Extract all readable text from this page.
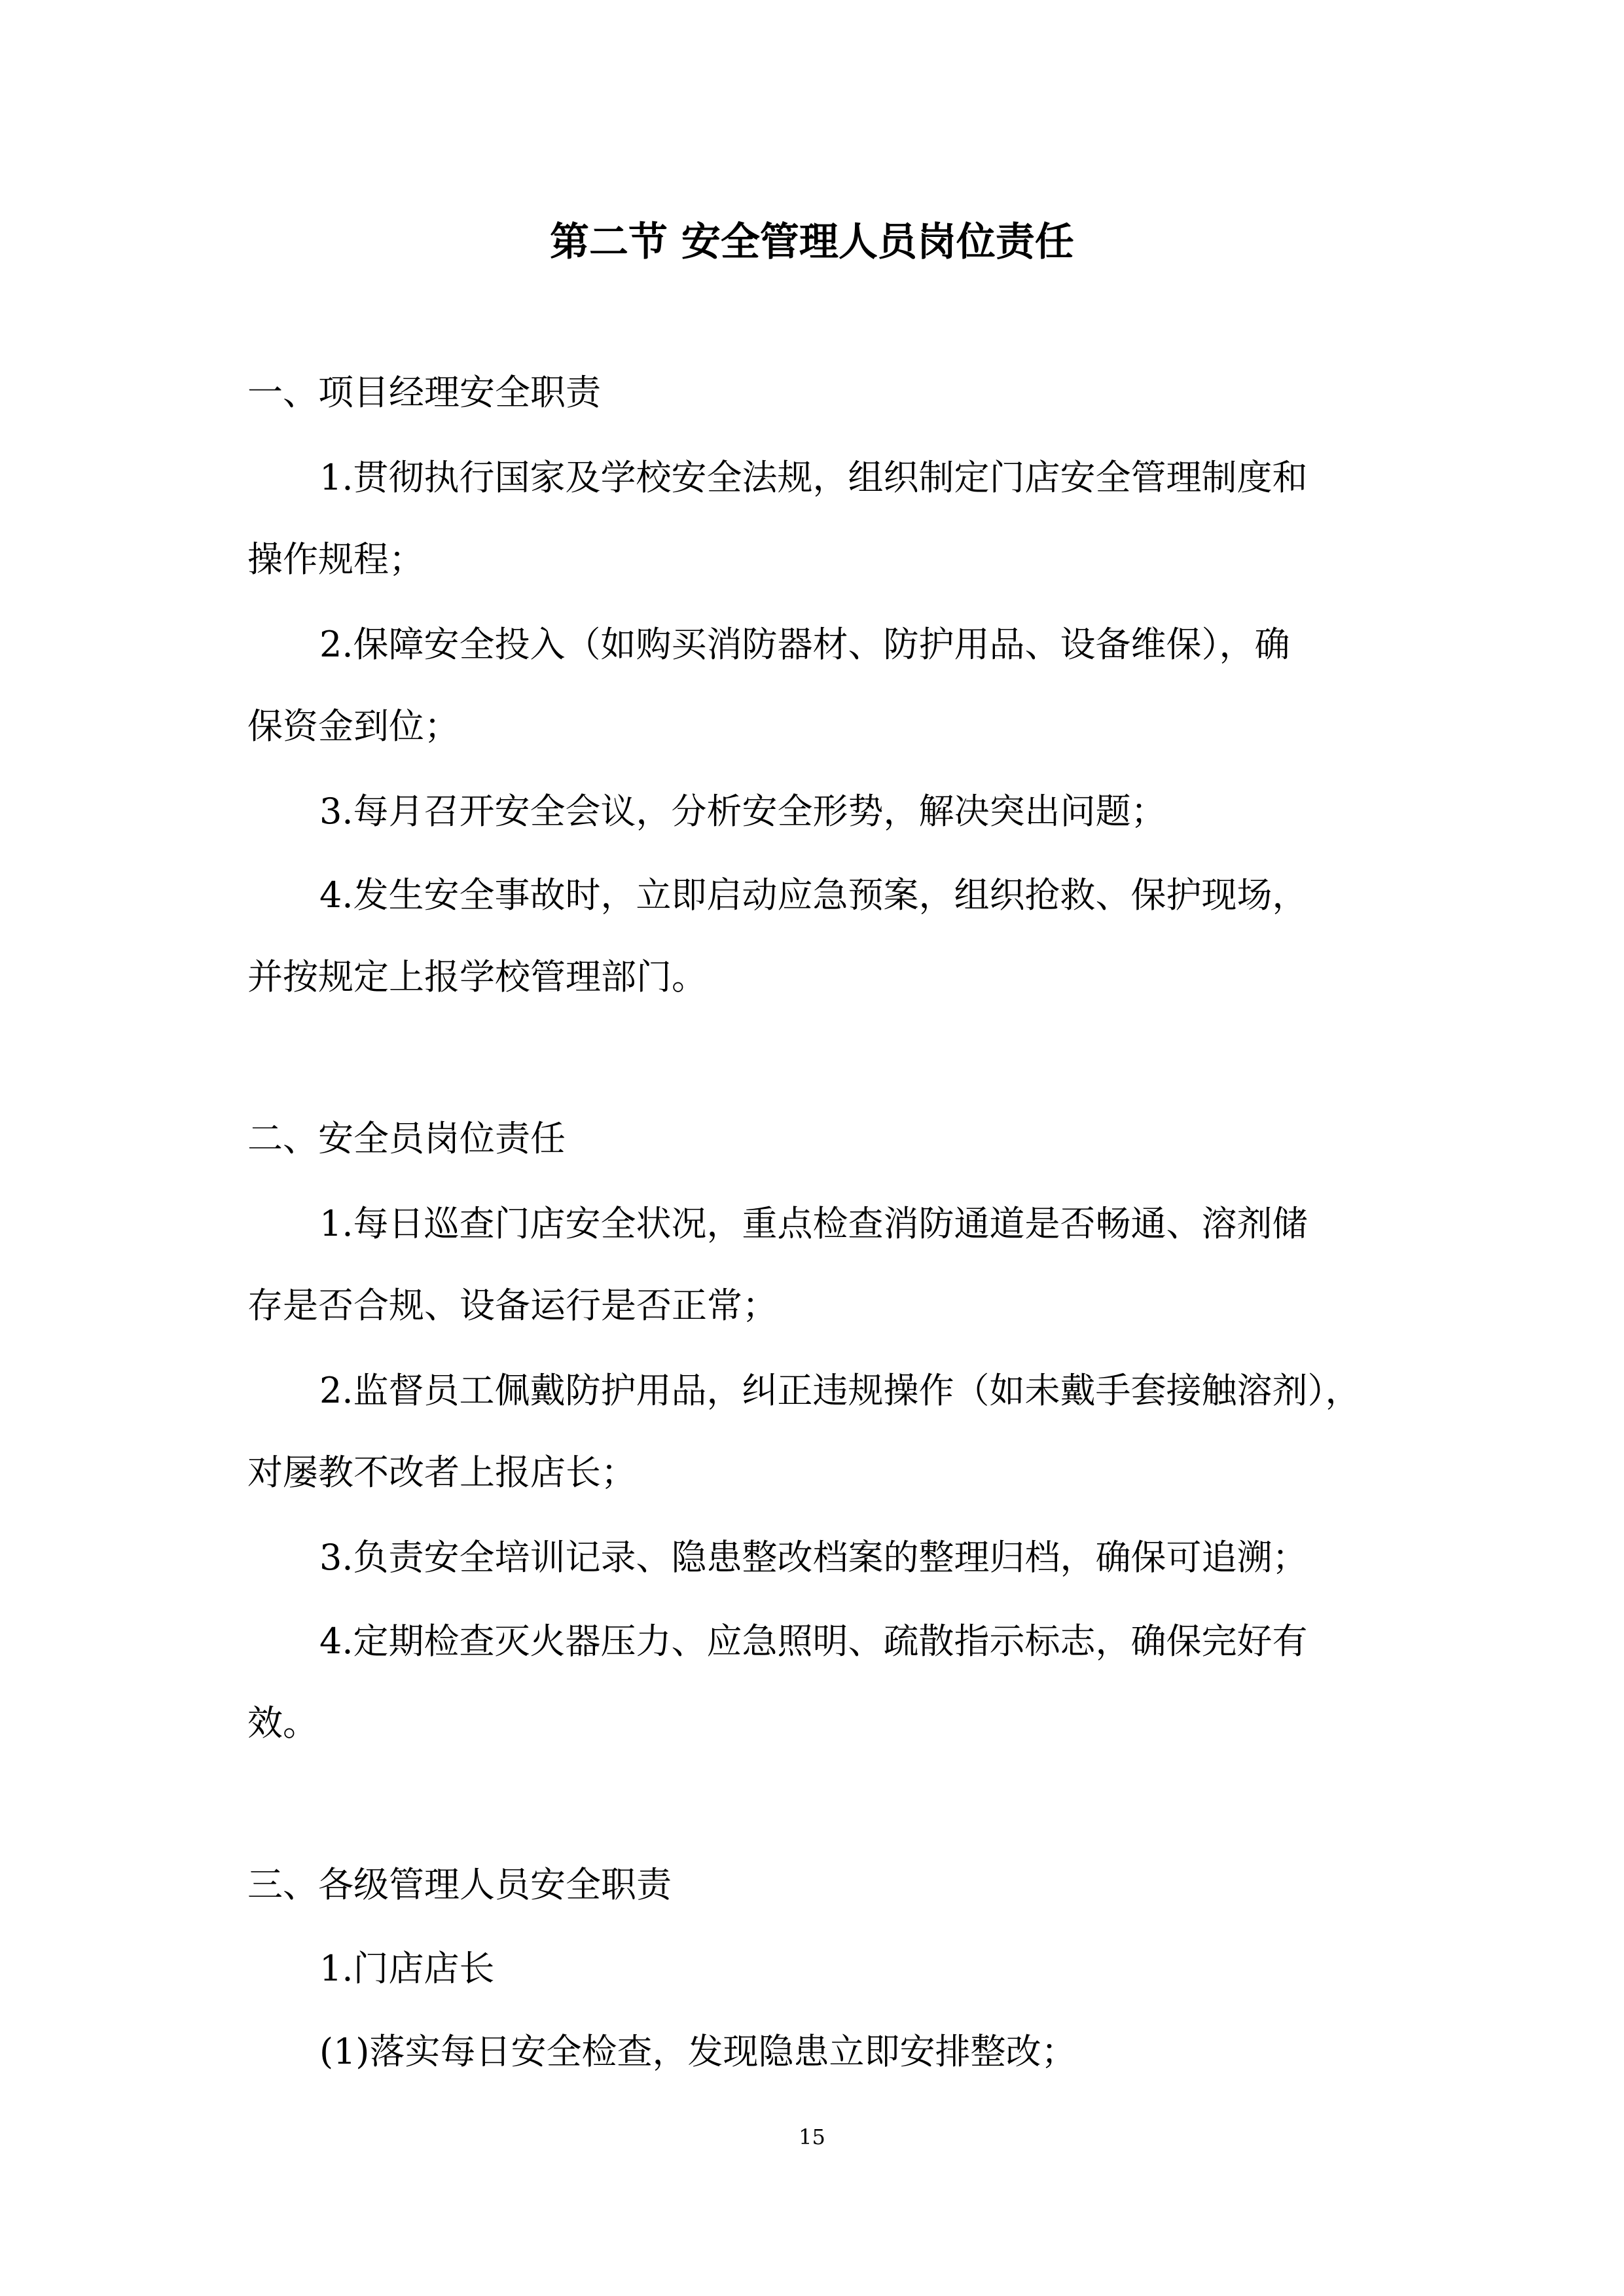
第二节 安全管理人员岗位责任

一、项目经理安全职责

1.贯彻执行国家及学校安全法规，组织制定门店安全管理制度和

操作规程；

2.保障安全投入（如购买消防器材、防护用品、设备维保），确

保资金到位；

3.每月召开安全会议，分析安全形势，解决突出问题；

4.发生安全事故时，立即启动应急预案，组织抢救、保护现场，

并按规定上报学校管理部门。

二、安全员岗位责任

1.每日巡查门店安全状况，重点检查消防通道是否畅通、溶剂储

存是否合规、设备运行是否正常；

2.监督员工佩戴防护用品，纠正违规操作（如未戴手套接触溶剂），

对屡教不改者上报店长；

3.负责安全培训记录、隐患整改档案的整理归档，确保可追溯；

4.定期检查灭火器压力、应急照明、疏散指示标志，确保完好有

效。

三、各级管理人员安全职责

1.门店店长

(1)落实每日安全检查，发现隐患立即安排整改；

15
